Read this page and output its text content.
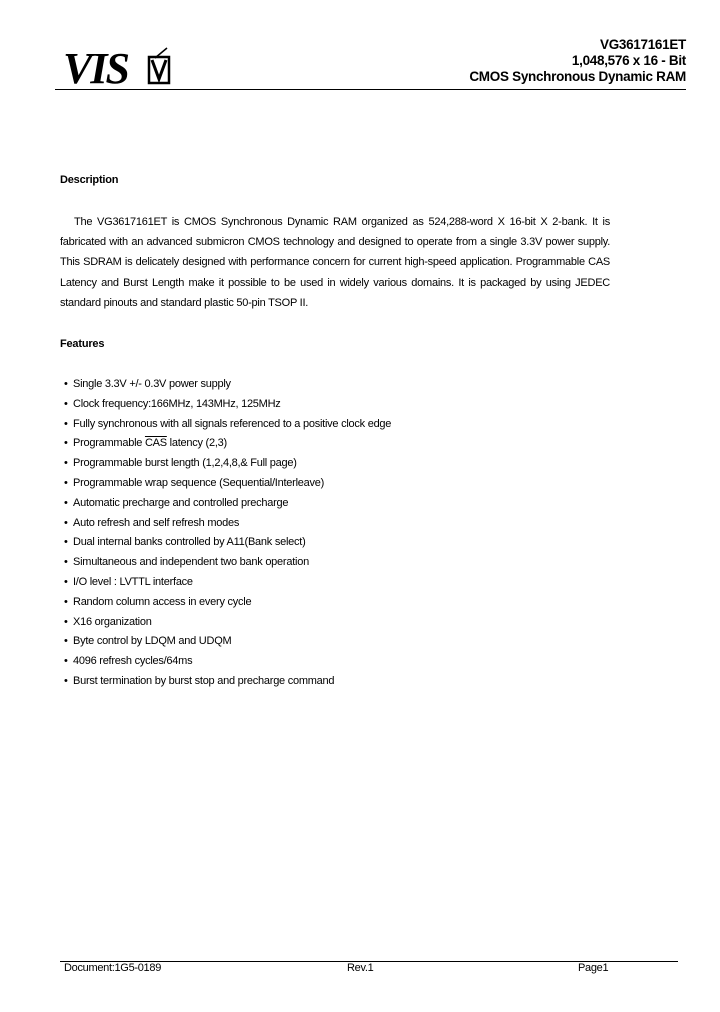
VIS	VG3617161ET
1,048,576 x 16 - Bit
CMOS Synchronous Dynamic RAM
Description

The VG3617161ET is CMOS Synchronous Dynamic RAM organized as 524,288-word X 16-bit X 2-bank. It is fabricated with an advanced submicron CMOS technology and designed to operate from a single 3.3V power supply. This SDRAM is delicately designed with performance concern for current high-speed application. Programmable CAS Latency and Burst Length make it possible to be used in widely various domains. It is packaged by using JEDEC standard pinouts and standard plastic 50-pin TSOP II.

Features
• Single 3.3V +/- 0.3V power supply
• Clock frequency:166MHz, 143MHz, 125MHz
• Fully synchronous with all signals referenced to a positive clock edge
• Programmable $\overline{CAS}$ latency (2,3)
• Programmable burst length (1,2,4,8,& Full page)
• Programmable wrap sequence (Sequential/Interleave)
• Automatic precharge and controlled precharge
• Auto refresh and self refresh modes
• Dual internal banks controlled by A11(Bank select)
• Simultaneous and independent two bank operation
• I/O level : LVTTL interface
• Random column access in every cycle
• X16 organization
• Byte control by LDQM and UDQM
• 4096 refresh cycles/64ms
• Burst termination by burst stop and precharge command
Document:1G5-0189	Rev.1	Page1
